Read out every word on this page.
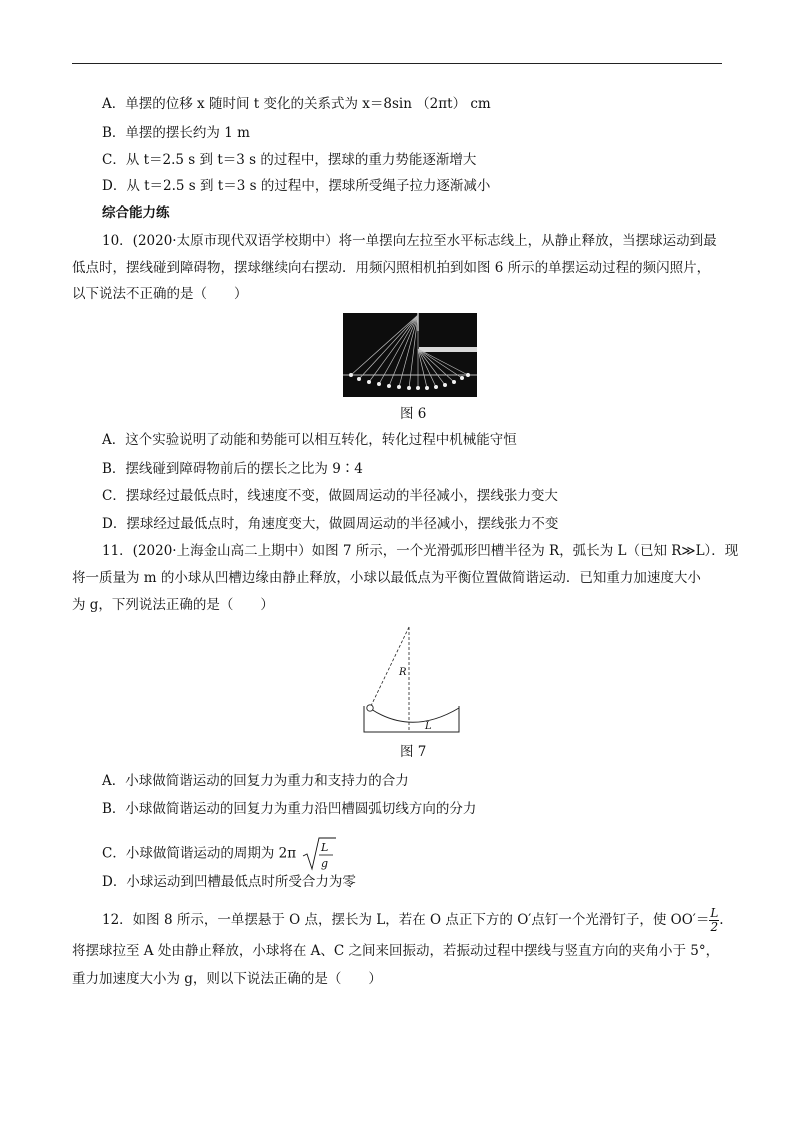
A．单摆的位移 x 随时间 t 变化的关系式为 x＝8sin （2πt） cm
B．单摆的摆长约为 1 m
C．从 t＝2.5 s 到 t＝3 s 的过程中，摆球的重力势能逐渐增大
D．从 t＝2.5 s 到 t＝3 s 的过程中，摆球所受绳子拉力逐渐减小
综合能力练
10．(2020·太原市现代双语学校期中）将一单摆向左拉至水平标志线上，从静止释放，当摆球运动到最
低点时，摆线碰到障碍物，摆球继续向右摆动．用频闪照相机拍到如图 6 所示的单摆运动过程的频闪照片，
以下说法不正确的是（　　）
图 6
A．这个实验说明了动能和势能可以相互转化，转化过程中机械能守恒
B．摆线碰到障碍物前后的摆长之比为 9∶4
C．摆球经过最低点时，线速度不变，做圆周运动的半径减小，摆线张力变大
D．摆球经过最低点时，角速度变大，做圆周运动的半径减小，摆线张力不变
11．(2020·上海金山高二上期中）如图 7 所示，一个光滑弧形凹槽半径为 R，弧长为 L（已知 R≫L）．现
将一质量为 m 的小球从凹槽边缘由静止释放，小球以最低点为平衡位置做简谐运动．已知重力加速度大小
为 g，下列说法正确的是（　　）
R
L
图 7
A．小球做简谐运动的回复力为重力和支持力的合力
B．小球做简谐运动的回复力为重力沿凹槽圆弧切线方向的分力
C．小球做简谐运动的周期为 2π L
g
D．小球运动到凹槽最低点时所受合力为零
12．如图 8 所示，一单摆悬于 O 点，摆长为 L，若在 O 点正下方的 O′点钉一个光滑钉子，使 $OO'= \frac{L}{2}$ .
将摆球拉至 A 处由静止释放，小球将在 A、C 之间来回振动，若振动过程中摆线与竖直方向的夹角小于 5°，
重力加速度大小为 g，则以下说法正确的是（　　）
